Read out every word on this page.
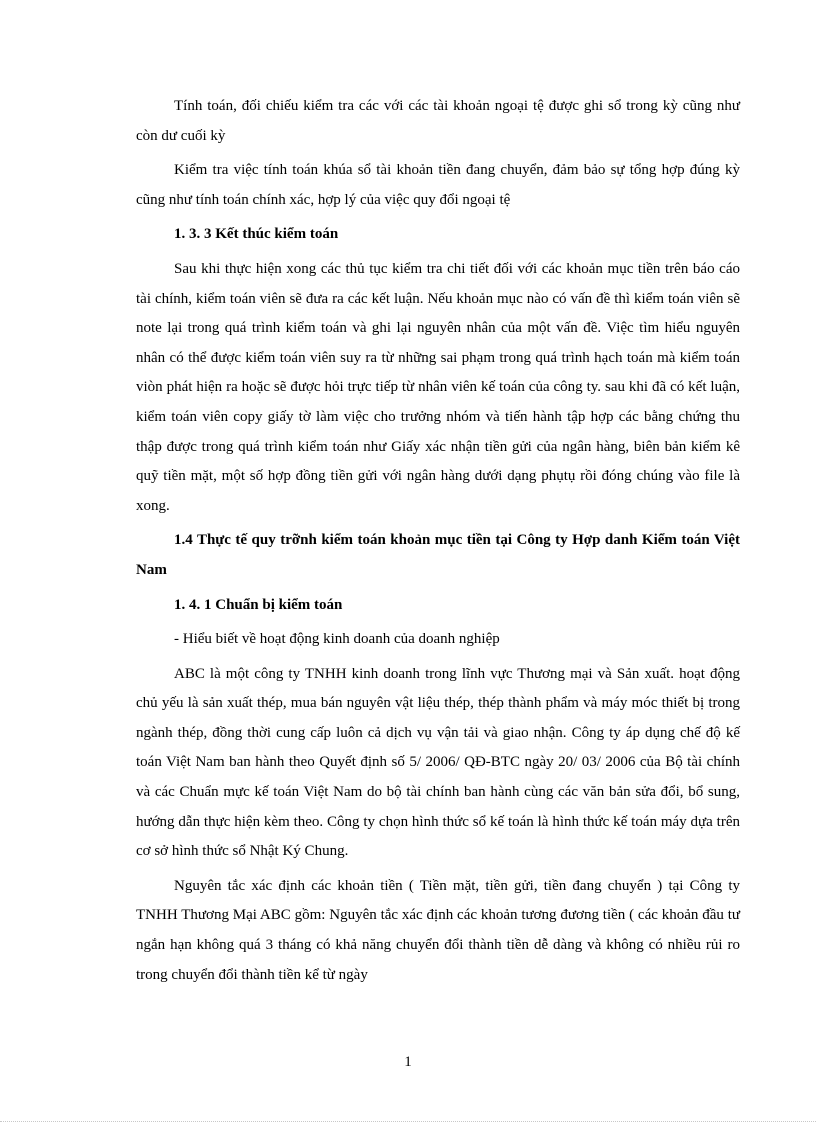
Tính toán, đối chiếu kiểm tra các với các tài khoản ngoại tệ được ghi sổ trong kỳ cũng như còn dư cuối kỳ

Kiểm tra việc tính toán khúa sổ tài khoản tiền đang chuyển, đảm bảo sự tổng hợp đúng kỳ cũng như tính toán chính xác, hợp lý của việc quy đổi ngoại tệ

1. 3. 3 Kết thúc kiểm toán

Sau khi thực hiện xong các thủ tục kiểm tra chi tiết đối với các khoản mục tiền trên báo cáo tài chính, kiểm toán viên sẽ đưa ra các kết luận. Nếu khoản mục nào có vấn đề thì kiểm toán viên sẽ note lại trong quá trình kiểm toán và ghi lại nguyên nhân của một vấn đề. Việc tìm hiểu nguyên nhân có thể được kiểm toán viên suy ra từ những sai phạm trong quá trình hạch toán mà kiểm toán viòn phát hiện ra hoặc sẽ được hỏi trực tiếp từ nhân viên kế toán của công ty. sau khi đã có kết luận, kiểm toán viên copy giấy tờ làm việc cho trưởng nhóm và tiến hành tập hợp các bằng chứng thu thập được trong quá trình kiểm toán như Giấy xác nhận tiền gửi của ngân hàng, biên bản kiểm kê quỹ tiền mặt, một số hợp đồng tiền gửi với ngân hàng dưới dạng phụtụ rồi đóng chúng vào file là xong.

1.4 Thực tế quy trỡnh kiểm toán khoản mục tiền tại Công ty Hợp danh Kiểm toán Việt Nam

1. 4. 1 Chuẩn bị kiểm toán

- Hiểu biết về hoạt động kinh doanh của doanh nghiệp

ABC là một công ty TNHH kinh doanh trong lĩnh vực Thương mại và Sản xuất. hoạt động chủ yếu là sản xuất thép, mua bán nguyên vật liệu thép, thép thành phẩm và máy móc thiết bị trong ngành thép, đồng thời cung cấp luôn cả dịch vụ vận tải và giao nhận. Công ty áp dụng chế độ kế toán Việt Nam ban hành theo Quyết định số 5/ 2006/ QĐ-BTC ngày 20/ 03/ 2006 của Bộ tài chính và các Chuẩn mực kế toán Việt Nam do bộ tài chính ban hành cùng các văn bản sửa đổi, bổ sung, hướng dẫn thực hiện kèm theo. Công ty chọn hình thức sổ kế toán là hình thức kế toán máy dựa trên cơ sở hình thức sổ Nhật Ký Chung.

Nguyên tắc xác định các khoản tiền ( Tiền mặt, tiền gửi, tiền đang chuyển ) tại Công ty TNHH Thương Mại ABC gồm: Nguyên tắc xác định các khoản tương đương tiền ( các khoản đầu tư ngắn hạn không quá 3 tháng có khả năng chuyển đổi thành tiền dễ dàng và không có nhiều rủi ro trong chuyển đổi thành tiền kể từ ngày

1
